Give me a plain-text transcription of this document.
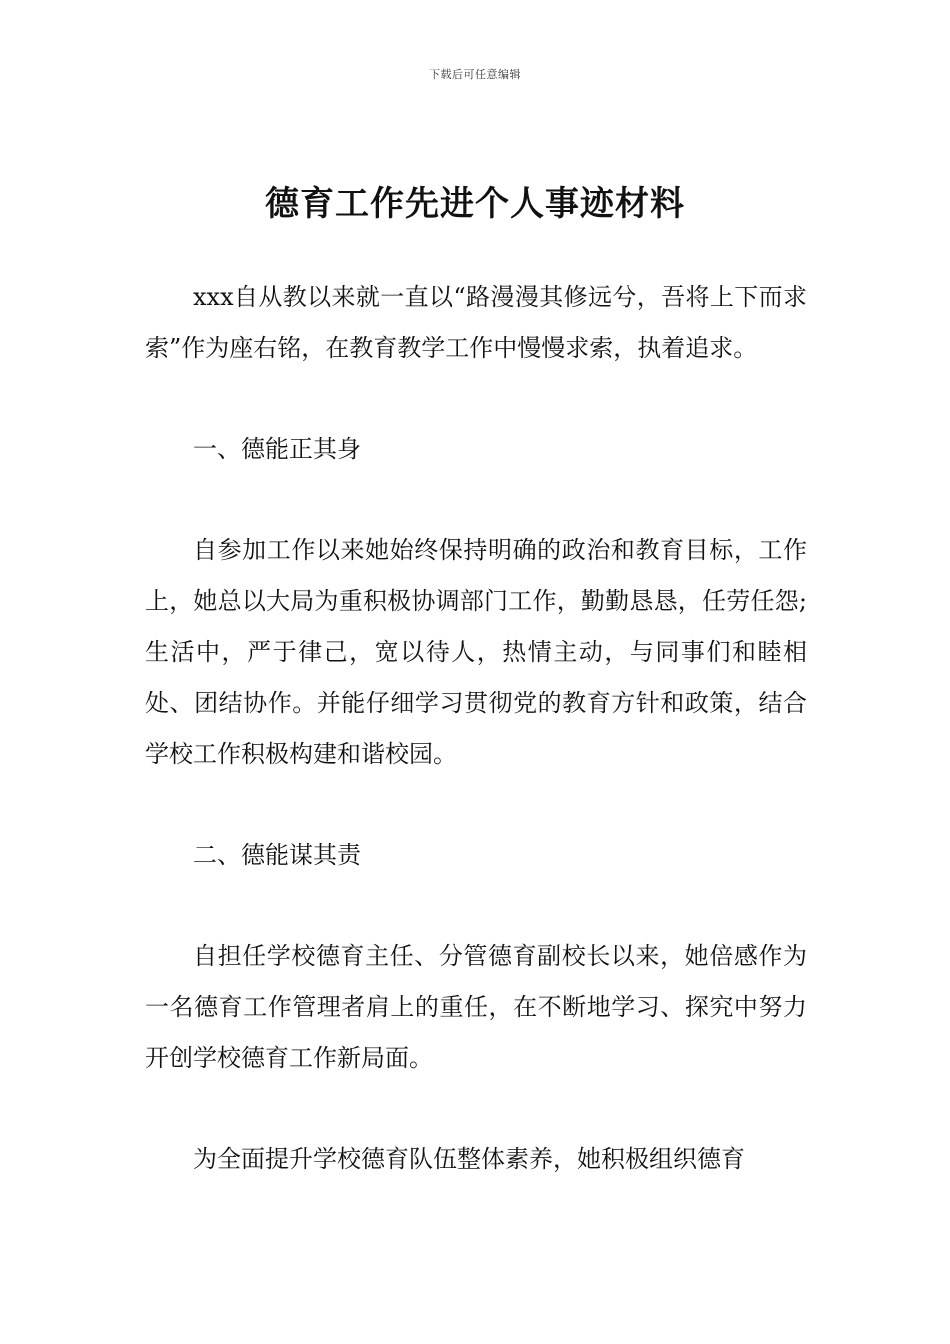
下载后可任意编辑
德育工作先进个人事迹材料

xxx自从教以来就一直以“路漫漫其修远兮，吾将上下而求索”作为座右铭，在教育教学工作中慢慢求索，执着追求。

一、德能正其身

自参加工作以来她始终保持明确的政治和教育目标，工作上，她总以大局为重积极协调部门工作，勤勤恳恳，任劳任怨;生活中，严于律己，宽以待人，热情主动，与同事们和睦相处、团结协作。并能仔细学习贯彻党的教育方针和政策，结合学校工作积极构建和谐校园。

二、德能谋其责

自担任学校德育主任、分管德育副校长以来，她倍感作为一名德育工作管理者肩上的重任，在不断地学习、探究中努力开创学校德育工作新局面。

为全面提升学校德育队伍整体素养，她积极组织德育
